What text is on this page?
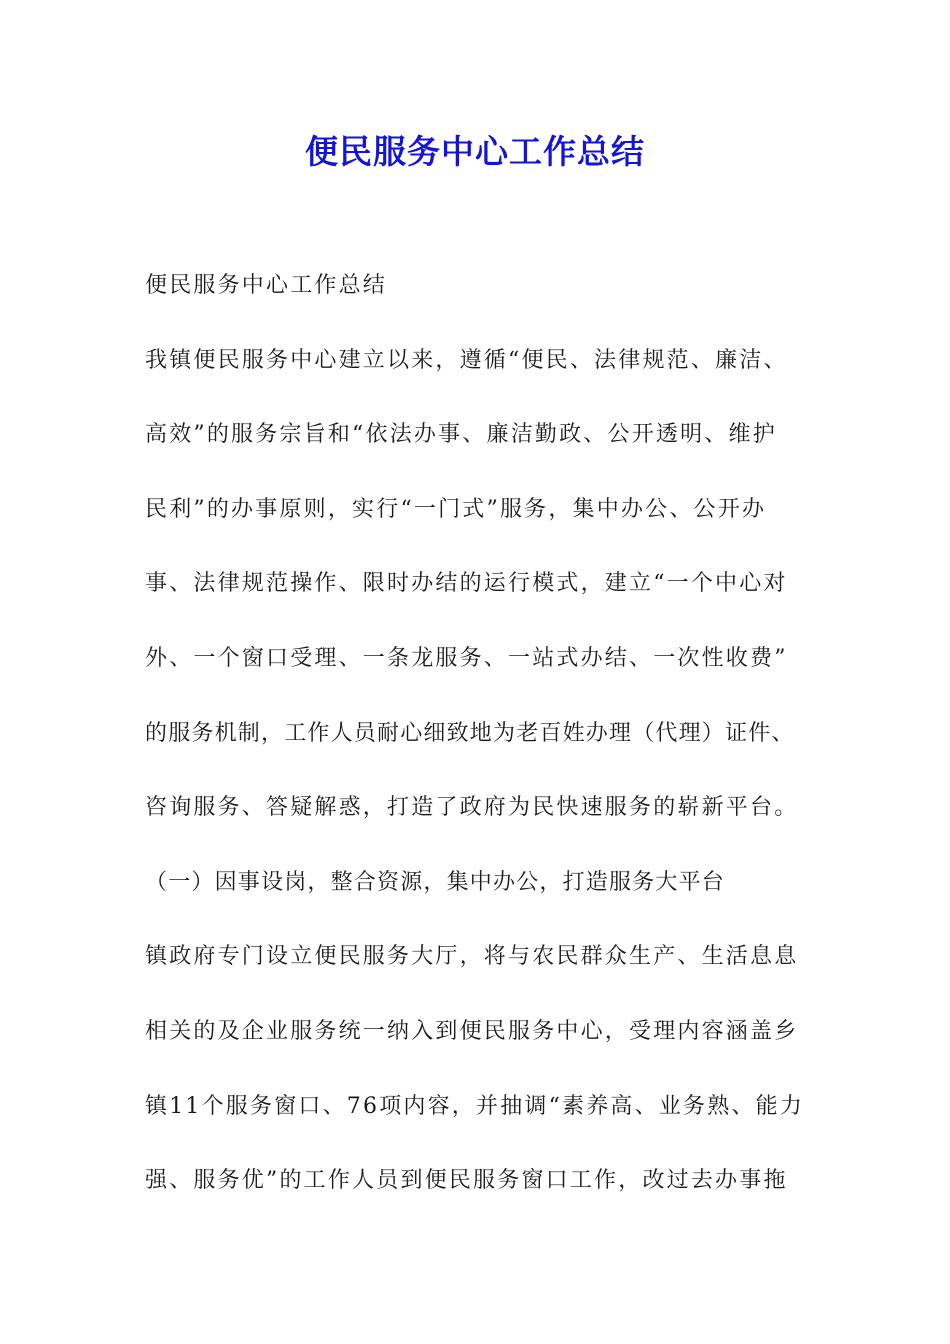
便民服务中心工作总结
便民服务中心工作总结
我镇便民服务中心建立以来，遵循“便民、法律规范、廉洁、
高效”的服务宗旨和“依法办事、廉洁勤政、公开透明、维护
民利”的办事原则，实行“一门式”服务，集中办公、公开办
事、法律规范操作、限时办结的运行模式，建立“一个中心对
外、一个窗口受理、一条龙服务、一站式办结、一次性收费”
的服务机制，工作人员耐心细致地为老百姓办理（代理）证件、
咨询服务、答疑解惑，打造了政府为民快速服务的崭新平台。
（一）因事设岗，整合资源，集中办公，打造服务大平台
镇政府专门设立便民服务大厅，将与农民群众生产、生活息息
相关的及企业服务统一纳入到便民服务中心，受理内容涵盖乡
镇11个服务窗口、76项内容，并抽调“素养高、业务熟、能力
强、服务优”的工作人员到便民服务窗口工作，改过去办事拖
